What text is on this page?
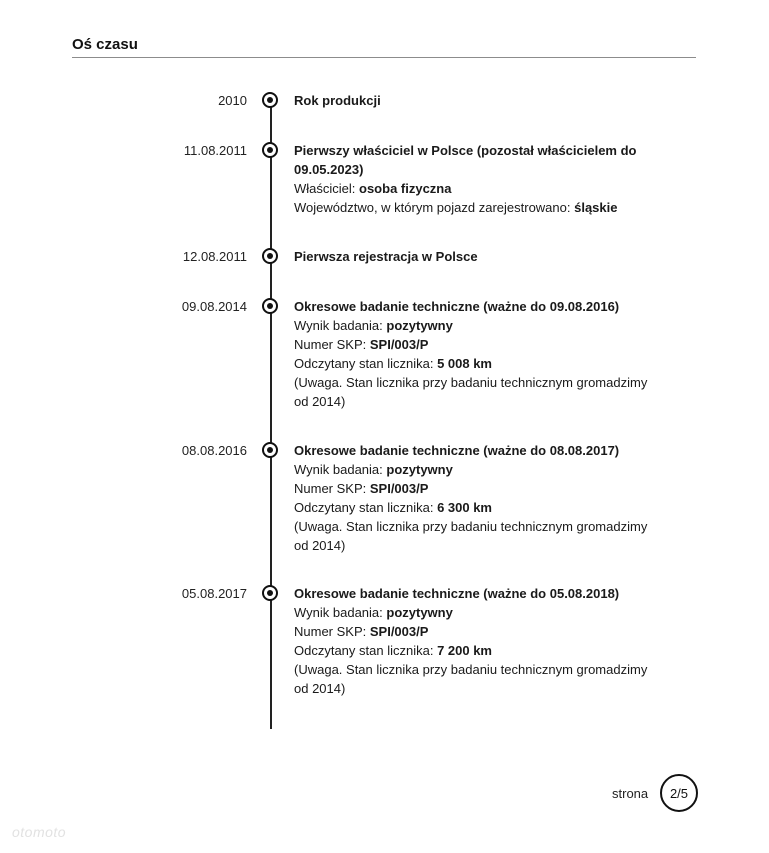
Oś czasu
2010	Rok produkcji
11.08.2011	Pierwszy właściciel w Polsce (pozostał właścicielem do 09.05.2023)
Właściciel: osoba fizyczna
Województwo, w którym pojazd zarejestrowano: śląskie
12.08.2011	Pierwsza rejestracja w Polsce
09.08.2014	Okresowe badanie techniczne (ważne do 09.08.2016)
Wynik badania: pozytywny
Numer SKP: SPI/003/P
Odczytany stan licznika: 5 008 km
(Uwaga. Stan licznika przy badaniu technicznym gromadzimy od 2014)
08.08.2016	Okresowe badanie techniczne (ważne do 08.08.2017)
Wynik badania: pozytywny
Numer SKP: SPI/003/P
Odczytany stan licznika: 6 300 km
(Uwaga. Stan licznika przy badaniu technicznym gromadzimy od 2014)
05.08.2017	Okresowe badanie techniczne (ważne do 05.08.2018)
Wynik badania: pozytywny
Numer SKP: SPI/003/P
Odczytany stan licznika: 7 200 km
(Uwaga. Stan licznika przy badaniu technicznym gromadzimy od 2014)
strona	2/5
otomoto
